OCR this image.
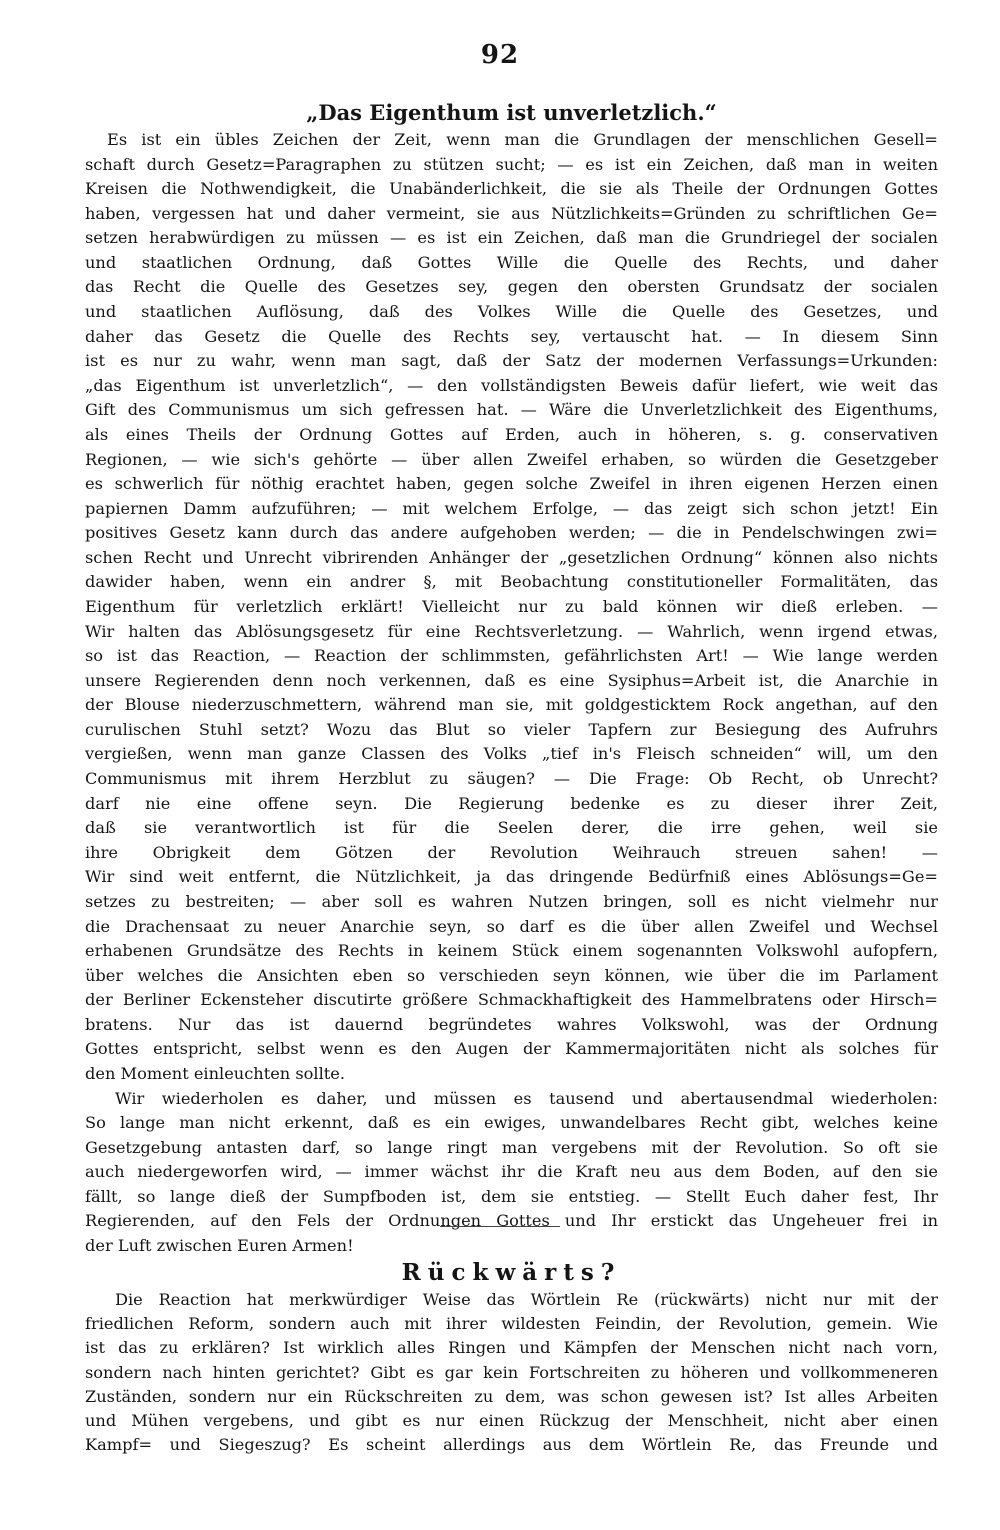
92
„Das Eigenthum ist unverletzlich.“
Es ist ein übles Zeichen der Zeit, wenn man die Grundlagen der menschlichen Gesell=
schaft durch Gesetz=Paragraphen zu stützen sucht; — es ist ein Zeichen, daß man in weiten
Kreisen die Nothwendigkeit, die Unabänderlichkeit, die sie als Theile der Ordnungen Gottes
haben, vergessen hat und daher vermeint, sie aus Nützlichkeits=Gründen zu schriftlichen Ge=
setzen herabwürdigen zu müssen — es ist ein Zeichen, daß man die Grundriegel der socialen
und staatlichen Ordnung, daß Gottes Wille die Quelle des Rechts, und daher
das Recht die Quelle des Gesetzes sey, gegen den obersten Grundsatz der socialen
und staatlichen Auflösung, daß des Volkes Wille die Quelle des Gesetzes, und
daher das Gesetz die Quelle des Rechts sey, vertauscht hat. — In diesem Sinn
ist es nur zu wahr, wenn man sagt, daß der Satz der modernen Verfassungs=Urkunden:
„das Eigenthum ist unverletzlich“, — den vollständigsten Beweis dafür liefert, wie weit das
Gift des Communismus um sich gefressen hat. — Wäre die Unverletzlichkeit des Eigenthums,
als eines Theils der Ordnung Gottes auf Erden, auch in höheren, s. g. conservativen
Regionen, — wie sich's gehörte — über allen Zweifel erhaben, so würden die Gesetzgeber
es schwerlich für nöthig erachtet haben, gegen solche Zweifel in ihren eigenen Herzen einen
papiernen Damm aufzuführen; — mit welchem Erfolge, — das zeigt sich schon jetzt! Ein
positives Gesetz kann durch das andere aufgehoben werden; — die in Pendelschwingen zwi=
schen Recht und Unrecht vibrirenden Anhänger der „gesetzlichen Ordnung“ können also nichts
dawider haben, wenn ein andrer §, mit Beobachtung constitutioneller Formalitäten, das
Eigenthum für verletzlich erklärt! Vielleicht nur zu bald können wir dieß erleben. —
Wir halten das Ablösungsgesetz für eine Rechtsverletzung. — Wahrlich, wenn irgend etwas,
so ist das Reaction, — Reaction der schlimmsten, gefährlichsten Art! — Wie lange werden
unsere Regierenden denn noch verkennen, daß es eine Sysiphus=Arbeit ist, die Anarchie in
der Blouse niederzuschmettern, während man sie, mit goldgesticktem Rock angethan, auf den
curulischen Stuhl setzt? Wozu das Blut so vieler Tapfern zur Besiegung des Aufruhrs
vergießen, wenn man ganze Classen des Volks „tief in's Fleisch schneiden“ will, um den
Communismus mit ihrem Herzblut zu säugen? — Die Frage: Ob Recht, ob Unrecht?
darf nie eine offene seyn. Die Regierung bedenke es zu dieser ihrer Zeit,
daß sie verantwortlich ist für die Seelen derer, die irre gehen, weil sie
ihre Obrigkeit dem Götzen der Revolution Weihrauch streuen sahen! —
Wir sind weit entfernt, die Nützlichkeit, ja das dringende Bedürfniß eines Ablösungs=Ge=
setzes zu bestreiten; — aber soll es wahren Nutzen bringen, soll es nicht vielmehr nur
die Drachensaat zu neuer Anarchie seyn, so darf es die über allen Zweifel und Wechsel
erhabenen Grundsätze des Rechts in keinem Stück einem sogenannten Volkswohl aufopfern,
über welches die Ansichten eben so verschieden seyn können, wie über die im Parlament
der Berliner Eckensteher discutirte größere Schmackhaftigkeit des Hammelbratens oder Hirsch=
bratens. Nur das ist dauernd begründetes wahres Volkswohl, was der Ordnung
Gottes entspricht, selbst wenn es den Augen der Kammermajoritäten nicht als solches für
den Moment einleuchten sollte.
Wir wiederholen es daher, und müssen es tausend und abertausendmal wiederholen:
So lange man nicht erkennt, daß es ein ewiges, unwandelbares Recht gibt, welches keine
Gesetzgebung antasten darf, so lange ringt man vergebens mit der Revolution. So oft sie
auch niedergeworfen wird, — immer wächst ihr die Kraft neu aus dem Boden, auf den sie
fällt, so lange dieß der Sumpfboden ist, dem sie entstieg. — Stellt Euch daher fest, Ihr
Regierenden, auf den Fels der Ordnungen Gottes und Ihr erstickt das Ungeheuer frei in
der Luft zwischen Euren Armen!
Rückwärts?
Die Reaction hat merkwürdiger Weise das Wörtlein Re (rückwärts) nicht nur mit der
friedlichen Reform, sondern auch mit ihrer wildesten Feindin, der Revolution, gemein. Wie
ist das zu erklären? Ist wirklich alles Ringen und Kämpfen der Menschen nicht nach vorn,
sondern nach hinten gerichtet? Gibt es gar kein Fortschreiten zu höheren und vollkommeneren
Zuständen, sondern nur ein Rückschreiten zu dem, was schon gewesen ist? Ist alles Arbeiten
und Mühen vergebens, und gibt es nur einen Rückzug der Menschheit, nicht aber einen
Kampf= und Siegeszug? Es scheint allerdings aus dem Wörtlein Re, das Freunde und
